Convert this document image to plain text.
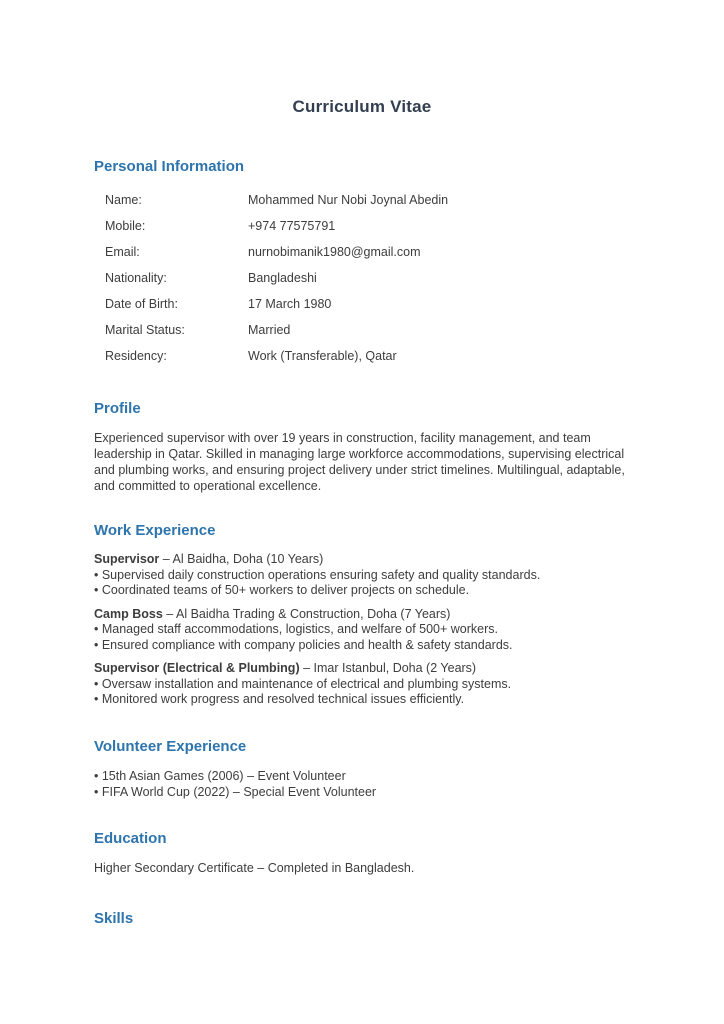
Curriculum Vitae
Personal Information
Name:	Mohammed Nur Nobi Joynal Abedin
Mobile:	+974 77575791
Email:	nurnobimanik1980@gmail.com
Nationality:	Bangladeshi
Date of Birth:	17 March 1980
Marital Status:	Married
Residency:	Work (Transferable), Qatar
Profile

Experienced supervisor with over 19 years in construction, facility management, and team leadership in Qatar. Skilled in managing large workforce accommodations, supervising electrical and plumbing works, and ensuring project delivery under strict timelines. Multilingual, adaptable, and committed to operational excellence.

Work Experience

Supervisor – Al Baidha, Doha (10 Years)

• Supervised daily construction operations ensuring safety and quality standards.

• Coordinated teams of 50+ workers to deliver projects on schedule.

Camp Boss – Al Baidha Trading & Construction, Doha (7 Years)

• Managed staff accommodations, logistics, and welfare of 500+ workers.

• Ensured compliance with company policies and health & safety standards.

Supervisor (Electrical & Plumbing) – Imar Istanbul, Doha (2 Years)

• Oversaw installation and maintenance of electrical and plumbing systems.

• Monitored work progress and resolved technical issues efficiently.

Volunteer Experience

• 15th Asian Games (2006) – Event Volunteer

• FIFA World Cup (2022) – Special Event Volunteer

Education

Higher Secondary Certificate – Completed in Bangladesh.

Skills
